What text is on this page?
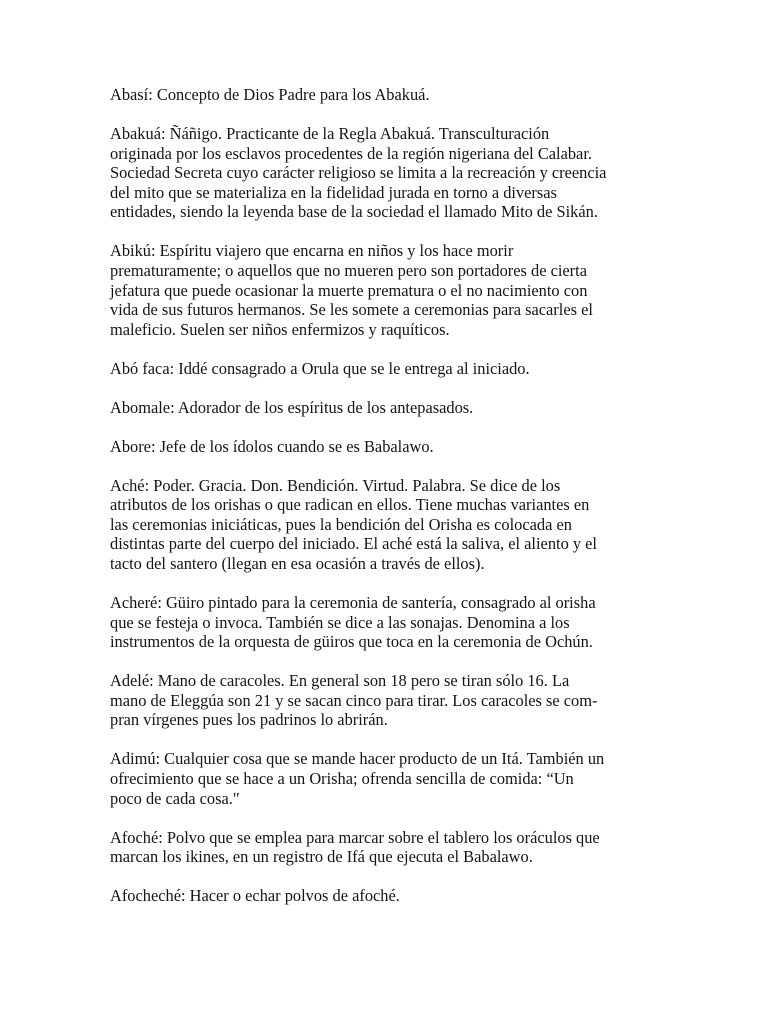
Abasí: Concepto de Dios Padre para los Abakuá.
Abakuá: Ñáñigo. Practicante de la Regla Abakuá. Transculturación
originada por los esclavos procedentes de la región nigeriana del Calabar.
Sociedad Secreta cuyo carácter religioso se limita a la recreación y creencia
del mito que se materializa en la fidelidad jurada en torno a diversas
entidades, siendo la leyenda base de la sociedad el llamado Mito de Sikán.
Abikú: Espíritu viajero que encarna en niños y los hace morir
prematuramente; o aquellos que no mueren pero son portadores de cierta
jefatura que puede ocasionar la muerte prematura o el no nacimiento con
vida de sus futuros hermanos. Se les somete a ceremonias para sacarles el
maleficio. Suelen ser niños enfermizos y raquíticos.
Abó faca: Iddé consagrado a Orula que se le entrega al iniciado.
Abomale: Adorador de los espíritus de los antepasados.
Abore: Jefe de los ídolos cuando se es Babalawo.
Aché: Poder. Gracia. Don. Bendición. Virtud. Palabra. Se dice de los
atributos de los orishas o que radican en ellos. Tiene muchas variantes en
las ceremonias iniciáticas, pues la bendición del Orisha es colocada en
distintas parte del cuerpo del iniciado. El aché está la saliva, el aliento y el
tacto del santero (llegan en esa ocasión a través de ellos).
Acheré: Güiro pintado para la ceremonia de santería, consagrado al orisha
que se festeja o invoca. También se dice a las sonajas. Denomina a los
instrumentos de la orquesta de güiros que toca en la ceremonia de Ochún.
Adelé: Mano de caracoles. En general son 18 pero se tiran sólo 16. La
mano de Eleggúa son 21 y se sacan cinco para tirar. Los caracoles se com-
pran vírgenes pues los padrinos lo abrirán.
Adimú: Cualquier cosa que se mande hacer producto de un Itá. También un
ofrecimiento que se hace a un Orisha; ofrenda sencilla de comida: “Un
poco de cada cosa."
Afoché: Polvo que se emplea para marcar sobre el tablero los oráculos que
marcan los ikines, en un registro de Ifá que ejecuta el Babalawo.
Afocheché: Hacer o echar polvos de afoché.
